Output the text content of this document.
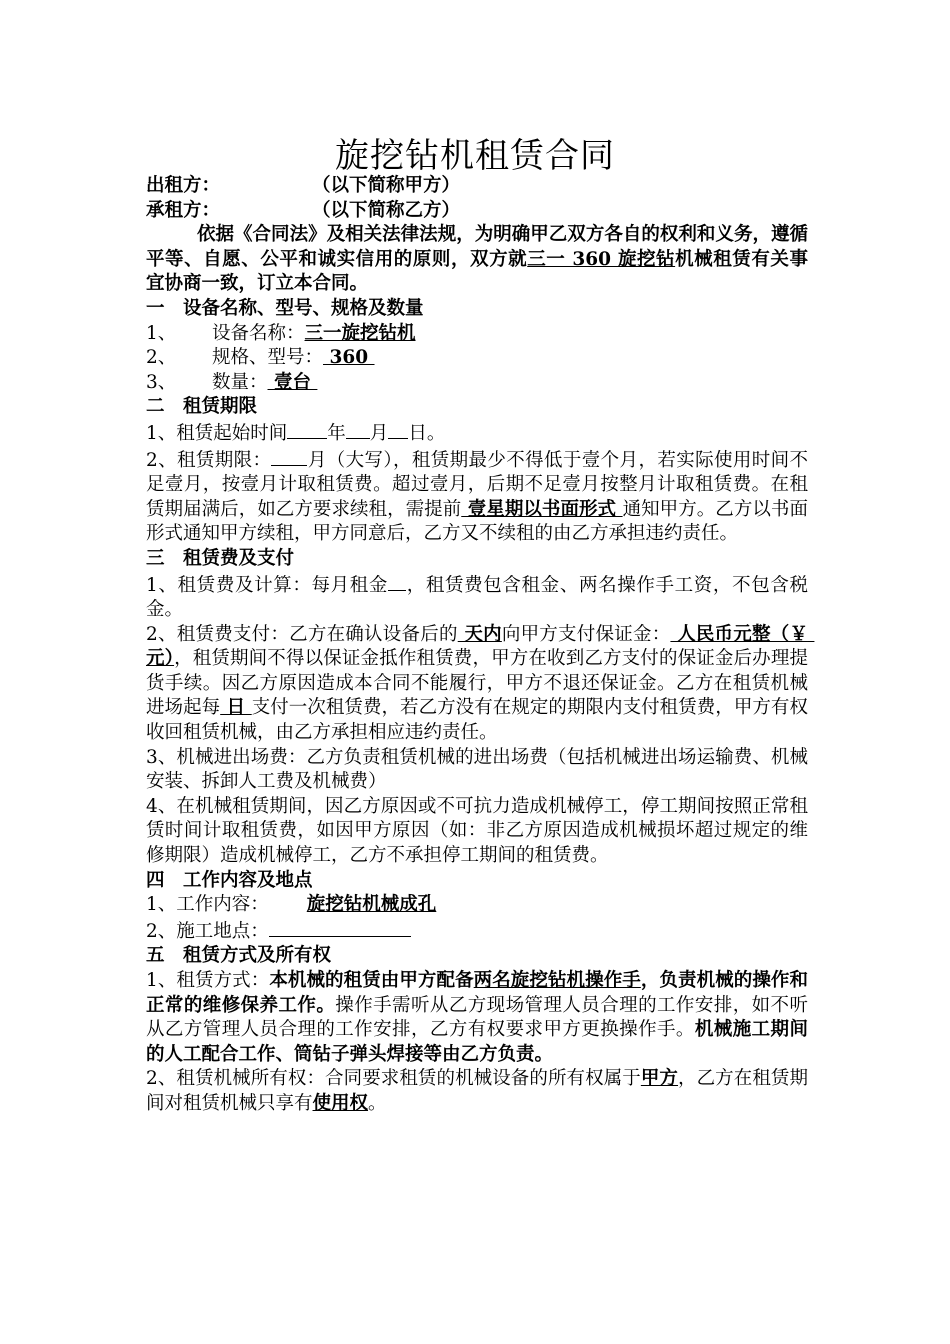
旋挖钻机租赁合同

出租方：	（以下简称甲方）

承租方：	（以下简称乙方）

依据《合同法》及相关法律法规，为明确甲乙双方各自的权利和义务，遵循平等、自愿、公平和诚实信用的原则，双方就三一 360 旋挖钻机械租赁有关事宜协商一致，订立本合同。

一　设备名称、型号、规格及数量

1、 设备名称：三一旋挖钻机

2、 规格、型号： 360

3、 数量： 壹台

二　租赁期限

1、租赁起始时间 年 月 日。

2、租赁期限： 月（大写），租赁期最少不得低于壹个月，若实际使用时间不足壹月，按壹月计取租赁费。超过壹月，后期不足壹月按整月计取租赁费。在租赁期届满后，如乙方要求续租，需提前 壹星期以书面形式 通知甲方。乙方以书面形式通知甲方续租，甲方同意后，乙方又不续租的由乙方承担违约责任。

三　租赁费及支付

1、租赁费及计算：每月租金 ，租赁费包含租金、两名操作手工资，不包含税金。

2、租赁费支付：乙方在确认设备后的 天内向甲方支付保证金： 人民币元整（￥ 元），租赁期间不得以保证金抵作租赁费，甲方在收到乙方支付的保证金后办理提货手续。因乙方原因造成本合同不能履行，甲方不退还保证金。乙方在租赁机械进场起每 日 支付一次租赁费，若乙方没有在规定的期限内支付租赁费，甲方有权收回租赁机械，由乙方承担相应违约责任。

3、机械进出场费：乙方负责租赁机械的进出场费（包括机械进出场运输费、机械安装、拆卸人工费及机械费）

4、在机械租赁期间，因乙方原因或不可抗力造成机械停工，停工期间按照正常租赁时间计取租赁费，如因甲方原因（如：非乙方原因造成机械损坏超过规定的维修期限）造成机械停工，乙方不承担停工期间的租赁费。

四　工作内容及地点

1、工作内容： 旋挖钻机械成孔

2、施工地点：

五　租赁方式及所有权

1、租赁方式：本机械的租赁由甲方配备两名旋挖钻机操作手，负责机械的操作和正常的维修保养工作。操作手需听从乙方现场管理人员合理的工作安排，如不听从乙方管理人员合理的工作安排，乙方有权要求甲方更换操作手。机械施工期间的人工配合工作、筒钻子弹头焊接等由乙方负责。

2、租赁机械所有权：合同要求租赁的机械设备的所有权属于甲方，乙方在租赁期间对租赁机械只享有使用权。
